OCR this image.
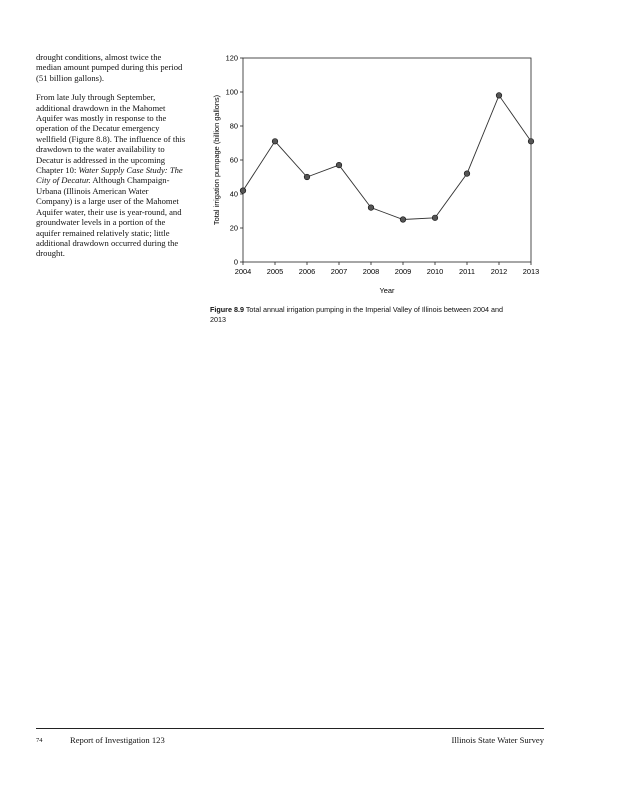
drought conditions, almost twice the median amount pumped during this period (51 billion gallons).

From late July through September, additional drawdown in the Mahomet Aquifer was mostly in response to the operation of the Decatur emergency wellfield (Figure 8.8). The influence of this drawdown to the water availability to Decatur is addressed in the upcoming Chapter 10: Water Supply Case Study: The City of Decatur. Although Champaign-Urbana (Illinois American Water Company) is a large user of the Mahomet Aquifer water, their use is year-round, and groundwater levels in a portion of the aquifer remained relatively static; little additional drawdown occurred during the drought.

0
20
40
60
80
100
120
2004 2005 2006 2007 2008 2009 2010 2011 2012 2013
Total irrigation pumpage (billion gallons)
Year
Figure 8.9 Total annual irrigation pumping in the Imperial Valley of Illinois between 2004 and 2013
74	Report of Investigation 123	Illinois State Water Survey
